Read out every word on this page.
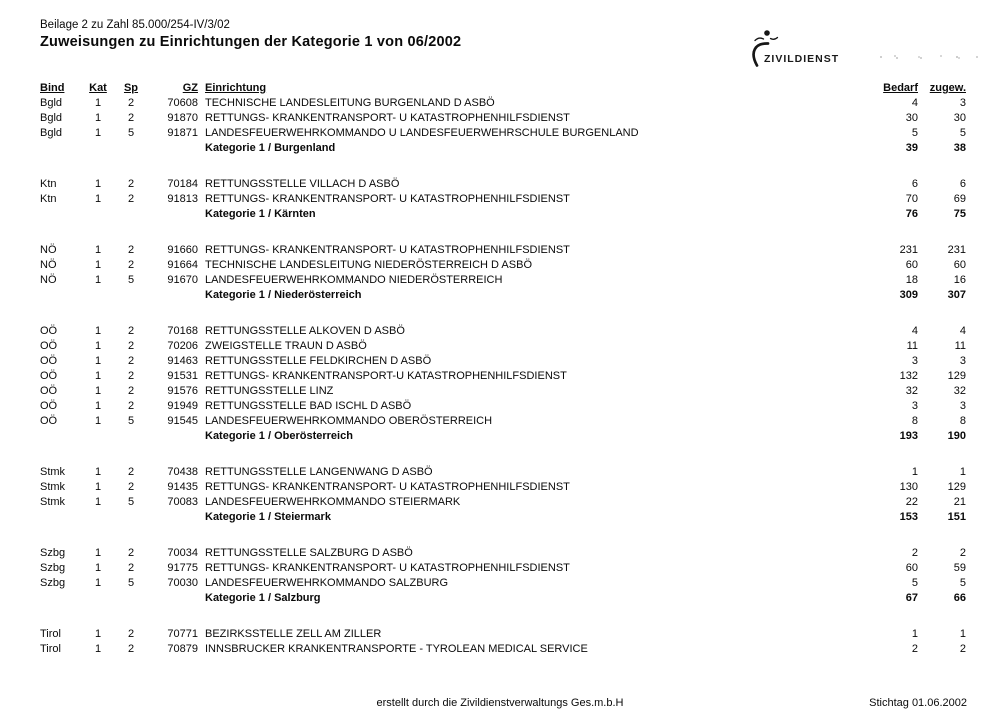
Beilage 2 zu Zahl 85.000/254-IV/3/02
Zuweisungen zu Einrichtungen der Kategorie 1 von 06/2002
ZIVILDIENST
Bind	Kat	Sp	GZ Einrichtung	Bedarf	zugew.
Bgld	1	2	70608 TECHNISCHE LANDESLEITUNG BURGENLAND D ASBÖ	4	3
Bgld	1	2	91870 RETTUNGS- KRANKENTRANSPORT- U KATASTROPHENHILFSDIENST	30	30
Bgld	1	5	91871 LANDESFEUERWEHRKOMMANDO U LANDESFEUERWEHRSCHULE BURGENLAND	5	5
Kategorie 1 / Burgenland	39	38
Ktn	1	2	70184 RETTUNGSSTELLE VILLACH D ASBÖ	6	6
Ktn	1	2	91813 RETTUNGS- KRANKENTRANSPORT- U KATASTROPHENHILFSDIENST	70	69
Kategorie 1 / Kärnten	76	75
NÖ	1	2	91660 RETTUNGS- KRANKENTRANSPORT- U KATASTROPHENHILFSDIENST	231	231
NÖ	1	2	91664 TECHNISCHE LANDESLEITUNG NIEDERÖSTERREICH D ASBÖ	60	60
NÖ	1	5	91670 LANDESFEUERWEHRKOMMANDO NIEDERÖSTERREICH	18	16
Kategorie 1 / Niederösterreich	309	307
OÖ	1	2	70168 RETTUNGSSTELLE ALKOVEN D ASBÖ	4	4
OÖ	1	2	70206 ZWEIGSTELLE TRAUN D ASBÖ	11	11
OÖ	1	2	91463 RETTUNGSSTELLE FELDKIRCHEN D ASBÖ	3	3
OÖ	1	2	91531 RETTUNGS- KRANKENTRANSPORT-U KATASTROPHENHILFSDIENST	132	129
OÖ	1	2	91576 RETTUNGSSTELLE LINZ	32	32
OÖ	1	2	91949 RETTUNGSSTELLE BAD ISCHL D ASBÖ	3	3
OÖ	1	5	91545 LANDESFEUERWEHRKOMMANDO OBERÖSTERREICH	8	8
Kategorie 1 / Oberösterreich	193	190
Stmk	1	2	70438 RETTUNGSSTELLE LANGENWANG D ASBÖ	1	1
Stmk	1	2	91435 RETTUNGS- KRANKENTRANSPORT- U KATASTROPHENHILFSDIENST	130	129
Stmk	1	5	70083 LANDESFEUERWEHRKOMMANDO STEIERMARK	22	21
Kategorie 1 / Steiermark	153	151
Szbg	1	2	70034 RETTUNGSSTELLE SALZBURG D ASBÖ	2	2
Szbg	1	2	91775 RETTUNGS- KRANKENTRANSPORT- U KATASTROPHENHILFSDIENST	60	59
Szbg	1	5	70030 LANDESFEUERWEHRKOMMANDO SALZBURG	5	5
Kategorie 1 / Salzburg	67	66
Tirol	1	2	70771 BEZIRKSSTELLE ZELL AM ZILLER	1	1
Tirol	1	2	70879 INNSBRUCKER KRANKENTRANSPORTE - TYROLEAN MEDICAL SERVICE	2	2
erstellt durch die Zivildienstverwaltungs Ges.m.b.H	Stichtag 01.06.2002
